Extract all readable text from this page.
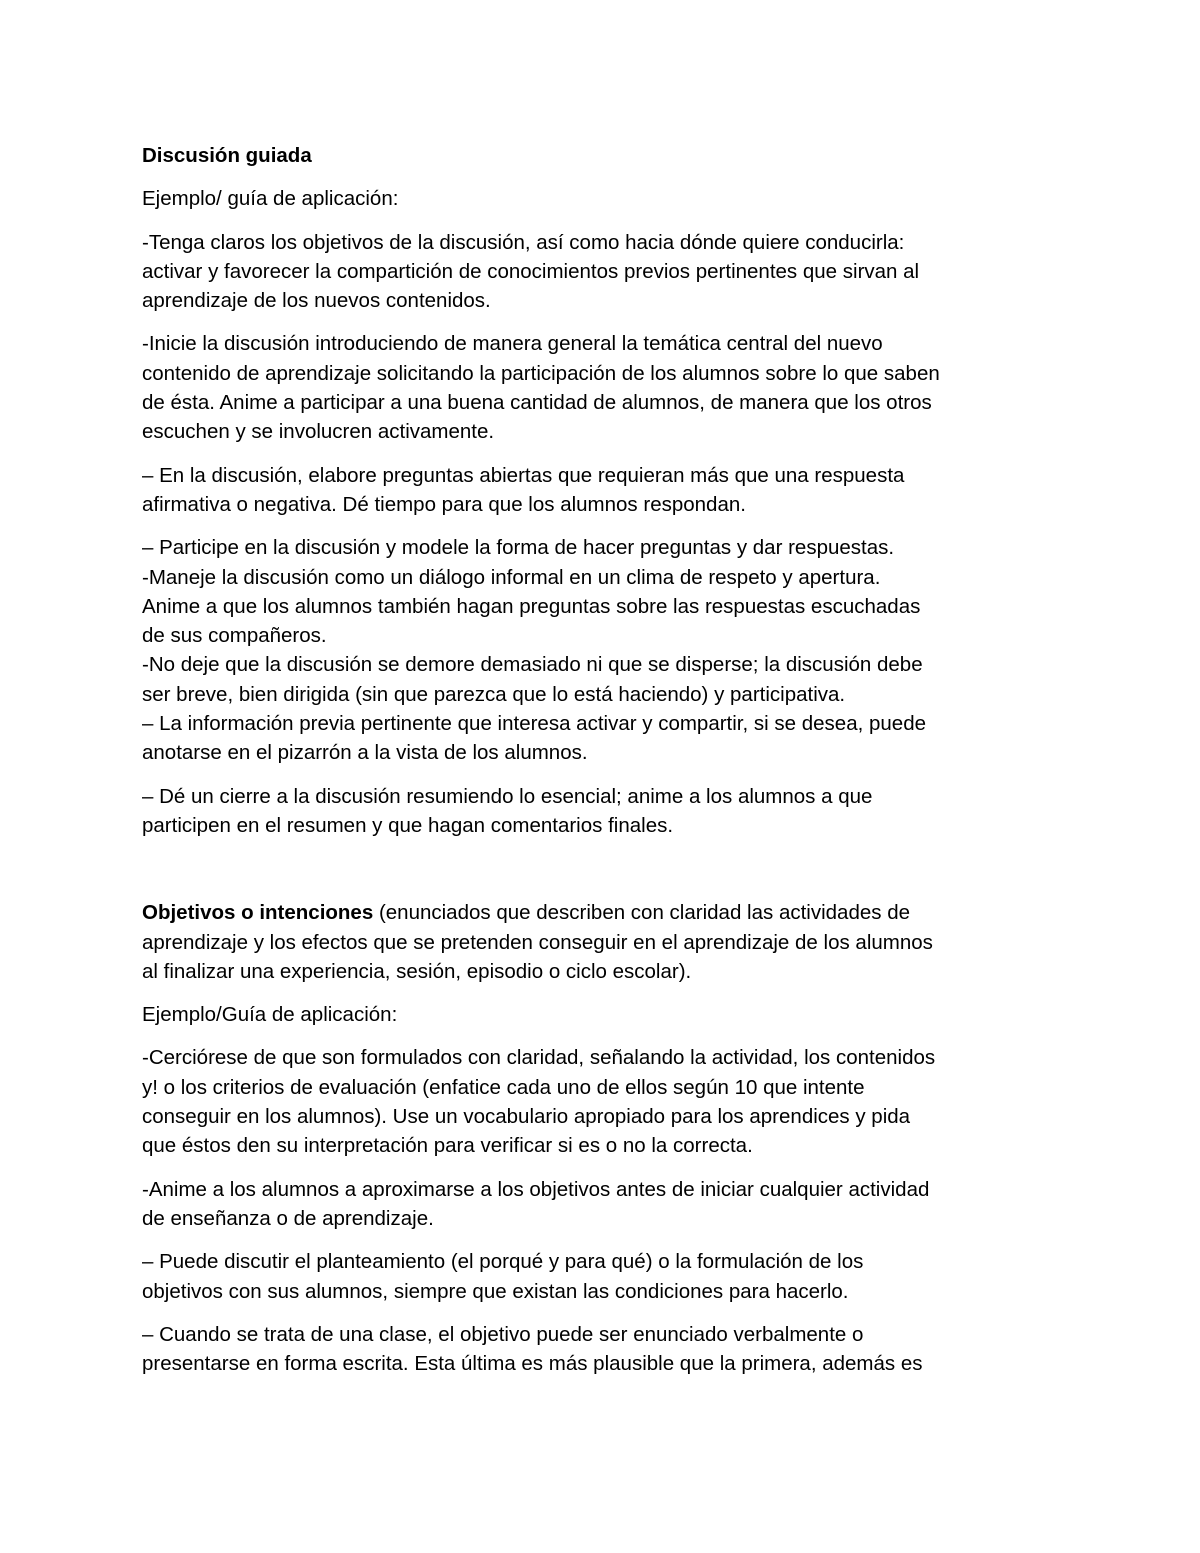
Discusión guiada
Ejemplo/ guía de aplicación:
-Tenga claros los objetivos de la discusión, así como hacia dónde quiere conducirla:
activar y favorecer la compartición de conocimientos previos pertinentes que sirvan al
aprendizaje de los nuevos contenidos.
-Inicie la discusión introduciendo de manera general la temática central del nuevo
contenido de aprendizaje solicitando la participación de los alumnos sobre lo que saben
de ésta. Anime a participar a una buena cantidad de alumnos, de manera que los otros
escuchen y se involucren activamente.
– En la discusión, elabore preguntas abiertas que requieran más que una respuesta
afirmativa o negativa. Dé tiempo para que los alumnos respondan.
– Participe en la discusión y modele la forma de hacer preguntas y dar respuestas.
-Maneje la discusión como un diálogo informal en un clima de respeto y apertura.
Anime a que los alumnos también hagan preguntas sobre las respuestas escuchadas
de sus compañeros.
-No deje que la discusión se demore demasiado ni que se disperse; la discusión debe
ser breve, bien dirigida (sin que parezca que lo está haciendo) y participativa.
– La información previa pertinente que interesa activar y compartir, si se desea, puede
anotarse en el pizarrón a la vista de los alumnos.
– Dé un cierre a la discusión resumiendo lo esencial; anime a los alumnos a que
participen en el resumen y que hagan comentarios finales.
Objetivos o intenciones (enunciados que describen con claridad las actividades de
aprendizaje y los efectos que se pretenden conseguir en el aprendizaje de los alumnos
al finalizar una experiencia, sesión, episodio o ciclo escolar).
Ejemplo/Guía de aplicación:
-Cerciórese de que son formulados con claridad, señalando la actividad, los contenidos
y! o los criterios de evaluación (enfatice cada uno de ellos según 10 que intente
conseguir en los alumnos). Use un vocabulario apropiado para los aprendices y pida
que éstos den su interpretación para verificar si es o no la correcta.
-Anime a los alumnos a aproximarse a los objetivos antes de iniciar cualquier actividad
de enseñanza o de aprendizaje.
– Puede discutir el planteamiento (el porqué y para qué) o la formulación de los
objetivos con sus alumnos, siempre que existan las condiciones para hacerlo.
– Cuando se trata de una clase, el objetivo puede ser enunciado verbalmente o
presentarse en forma escrita. Esta última es más plausible que la primera, además es
